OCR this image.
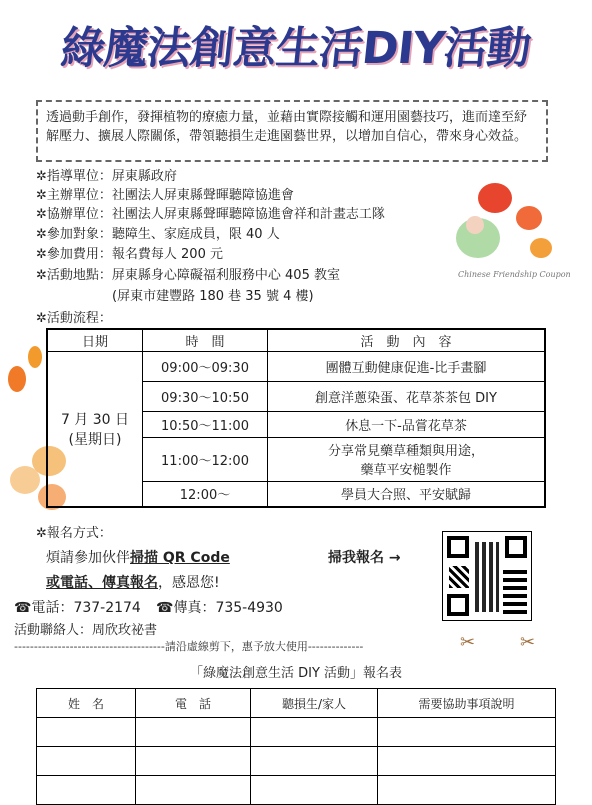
綠魔法創意生活DIY活動
透過動手創作，發揮植物的療癒力量，並藉由實際接觸和運用園藝技巧，進而達至紓解壓力、擴展人際關係，帶領聽損生走進園藝世界，以增加自信心，帶來身心效益。
✲指導單位：屏東縣政府
✲主辦單位：社團法人屏東縣聲暉聽障協進會
✲協辦單位：社團法人屏東縣聲暉聽障協進會祥和計畫志工隊
✲參加對象：聽障生、家庭成員，限 40 人
✲參加費用：報名費每人 200 元
✲活動地點：屏東縣身心障礙福利服務中心 405 教室
(屏東市建豐路 180 巷 35 號 4 樓)
Chinese Friendship Coupon
✲活動流程：
日期	時　間	活　動　內　容

7 月 30 日
(星期日)	09:00～09:30	團體互動健康促進-比手畫腳
	09:30～10:50	創意洋蔥染蛋、花草茶茶包 DIY
	10:50～11:00	休息一下-品嘗花草茶
	11:00～12:00	分享常見藥草種類與用途，
藥草平安槌製作

	12:00～	學員大合照、平安賦歸
✲報名方式：
煩請參加伙伴掃描 QR Code
或電話、傳真報名，感恩您!
掃我報名 →
☎電話：737-2174 ☎傳真：735-4930
活動聯絡人：周欣玫祕書
--------------------------------------請沿虛線剪下，惠予放大使用--------------	✂ ✂
「綠魔法創意生活 DIY 活動」報名表
姓　名	電　話	聽損生/家人	需要協助事項說明
